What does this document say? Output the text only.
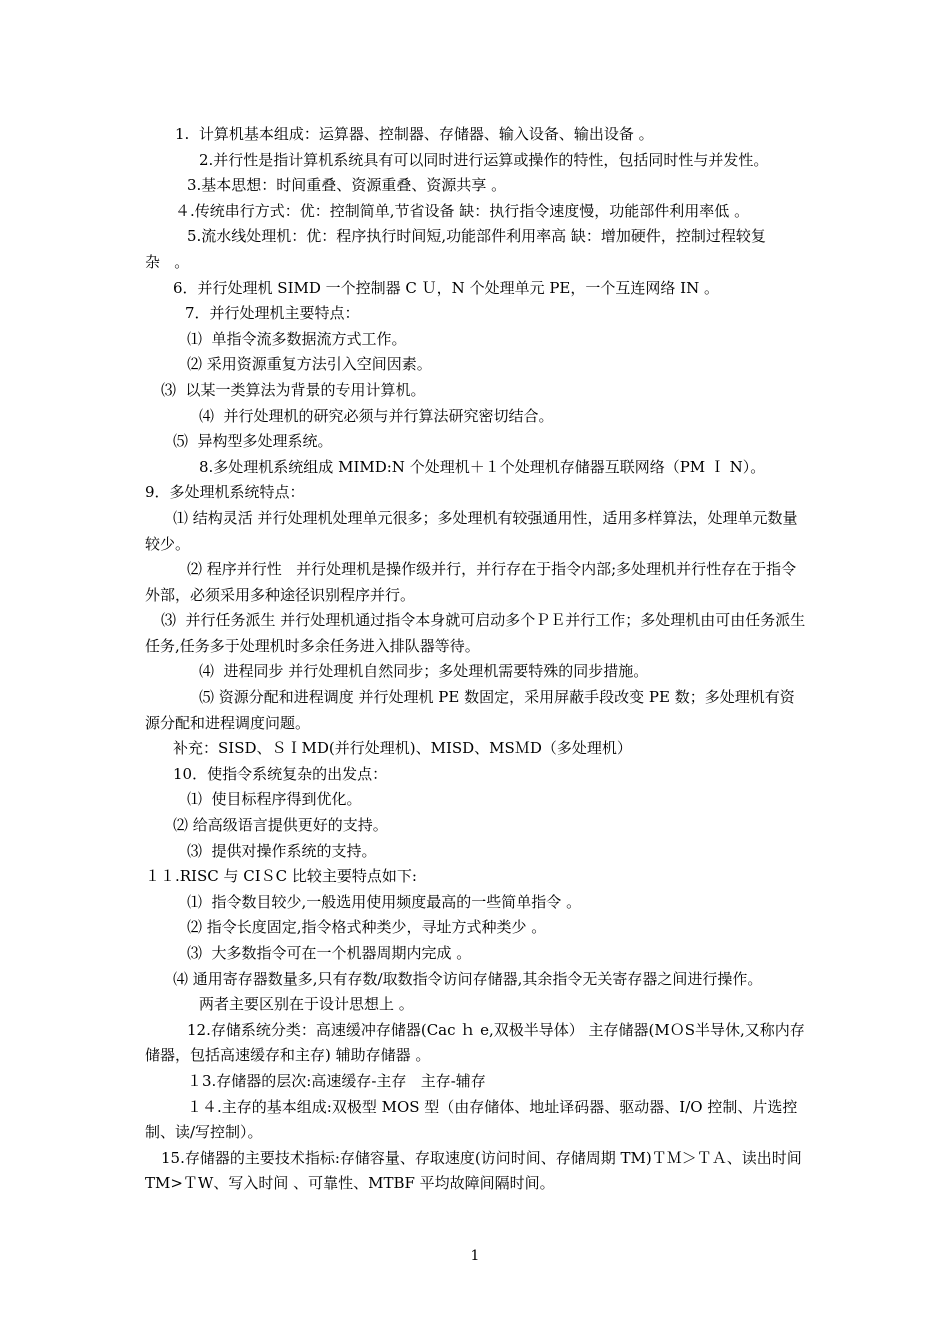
1.  计算机基本组成：运算器、控制器、存储器、输入设备、输出设备 。

2.并行性是指计算机系统具有可以同时进行运算或操作的特性，包括同时性与并发性。

3.基本思想：时间重叠、资源重叠、资源共享 。

４.传统串行方式：优：控制简单,节省设备 缺：执行指令速度慢，功能部件利用率低 。

5.流水线处理机：优：程序执行时间短,功能部件利用率高 缺：增加硬件，控制过程较复杂   。

6．并行处理机 SIMD 一个控制器 C Ｕ，N 个处理单元 PE，一个互连网络 IN 。

7．并行处理机主要特点：

⑴  单指令流多数据流方式工作。

⑵ 采用资源重复方法引入空间因素。

⑶  以某一类算法为背景的专用计算机。

⑷  并行处理机的研究必须与并行算法研究密切结合。

⑸  异构型多处理系统。

8.多处理机系统组成 MIMD:N 个处理机＋１个处理机存储器互联网络（PM Ｉ N）。

9．多处理机系统特点：

⑴ 结构灵活 并行处理机处理单元很多；多处理机有较强通用性，适用多样算法，处理单元数量较少。

⑵ 程序并行性   并行处理机是操作级并行，并行存在于指令内部;多处理机并行性存在于指令外部，必须采用多种途径识别程序并行。

⑶  并行任务派生 并行处理机通过指令本身就可启动多个ＰＥ并行工作；多处理机由可由任务派生任务,任务多于处理机时多余任务进入排队器等待。

⑷  进程同步 并行处理机自然同步；多处理机需要特殊的同步措施。

⑸ 资源分配和进程调度 并行处理机 PE 数固定，采用屏蔽手段改变 PE 数；多处理机有资源分配和进程调度问题。

补充：SISD、ＳＩMD(并行处理机)、MISD、MSＭD（多处理机）

10．使指令系统复杂的出发点：

⑴  使目标程序得到优化。

⑵ 给高级语言提供更好的支持。

⑶  提供对操作系统的支持。

１１.RISC 与 CIＳC 比较主要特点如下:

⑴  指令数目较少,一般选用使用频度最高的一些简单指令 。

⑵ 指令长度固定,指令格式种类少，寻址方式种类少 。

⑶  大多数指令可在一个机器周期内完成 。

⑷ 通用寄存器数量多,只有存数/取数指令访问存储器,其余指令无关寄存器之间进行操作。

两者主要区别在于设计思想上 。

12.存储系统分类：高速缓冲存储器(Cac ｈ e,双极半导体） 主存储器(MＯS半导休,又称内存储器，包括高速缓存和主存) 辅助存储器 。

１3.存储器的层次:高速缓存-主存   主存-辅存

１４.主存的基本组成:双极型 MOS 型（由存储体、地址译码器、驱动器、I/O 控制、片选控制、读/写控制）。

15.存储器的主要技术指标:存储容量、存取速度(访问时间、存储周期 TM)ＴＭ＞ＴＡ、读出时间 TM>ＴW、写入时间 、可靠性、MTBF 平均故障间隔时间。

1
